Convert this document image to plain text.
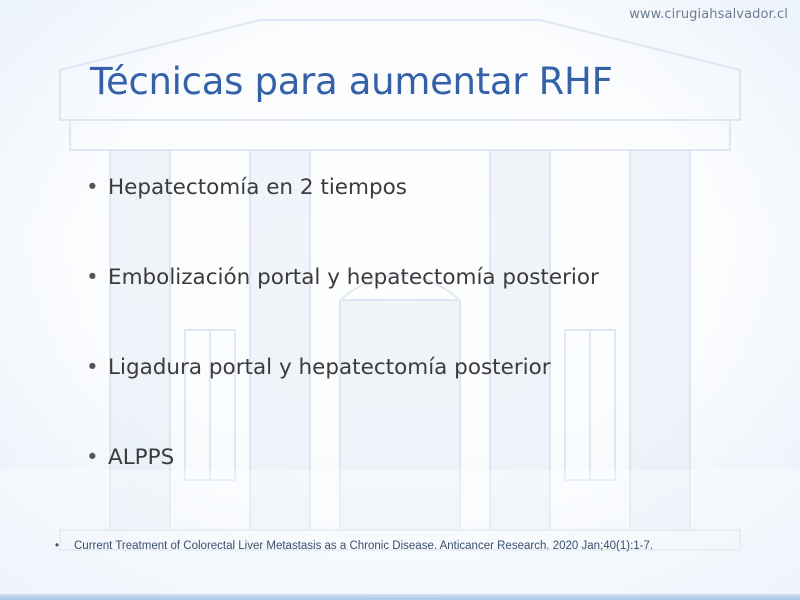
www.cirugiahsalvador.cl
Técnicas para aumentar RHF
• Hepatectomía en 2 tiempos
• Embolización portal y hepatectomía posterior
• Ligadura portal y hepatectomía posterior
• ALPPS
• Current Treatment of Colorectal Liver Metastasis as a Chronic Disease. Anticancer Research. 2020 Jan;40(1):1-7.
